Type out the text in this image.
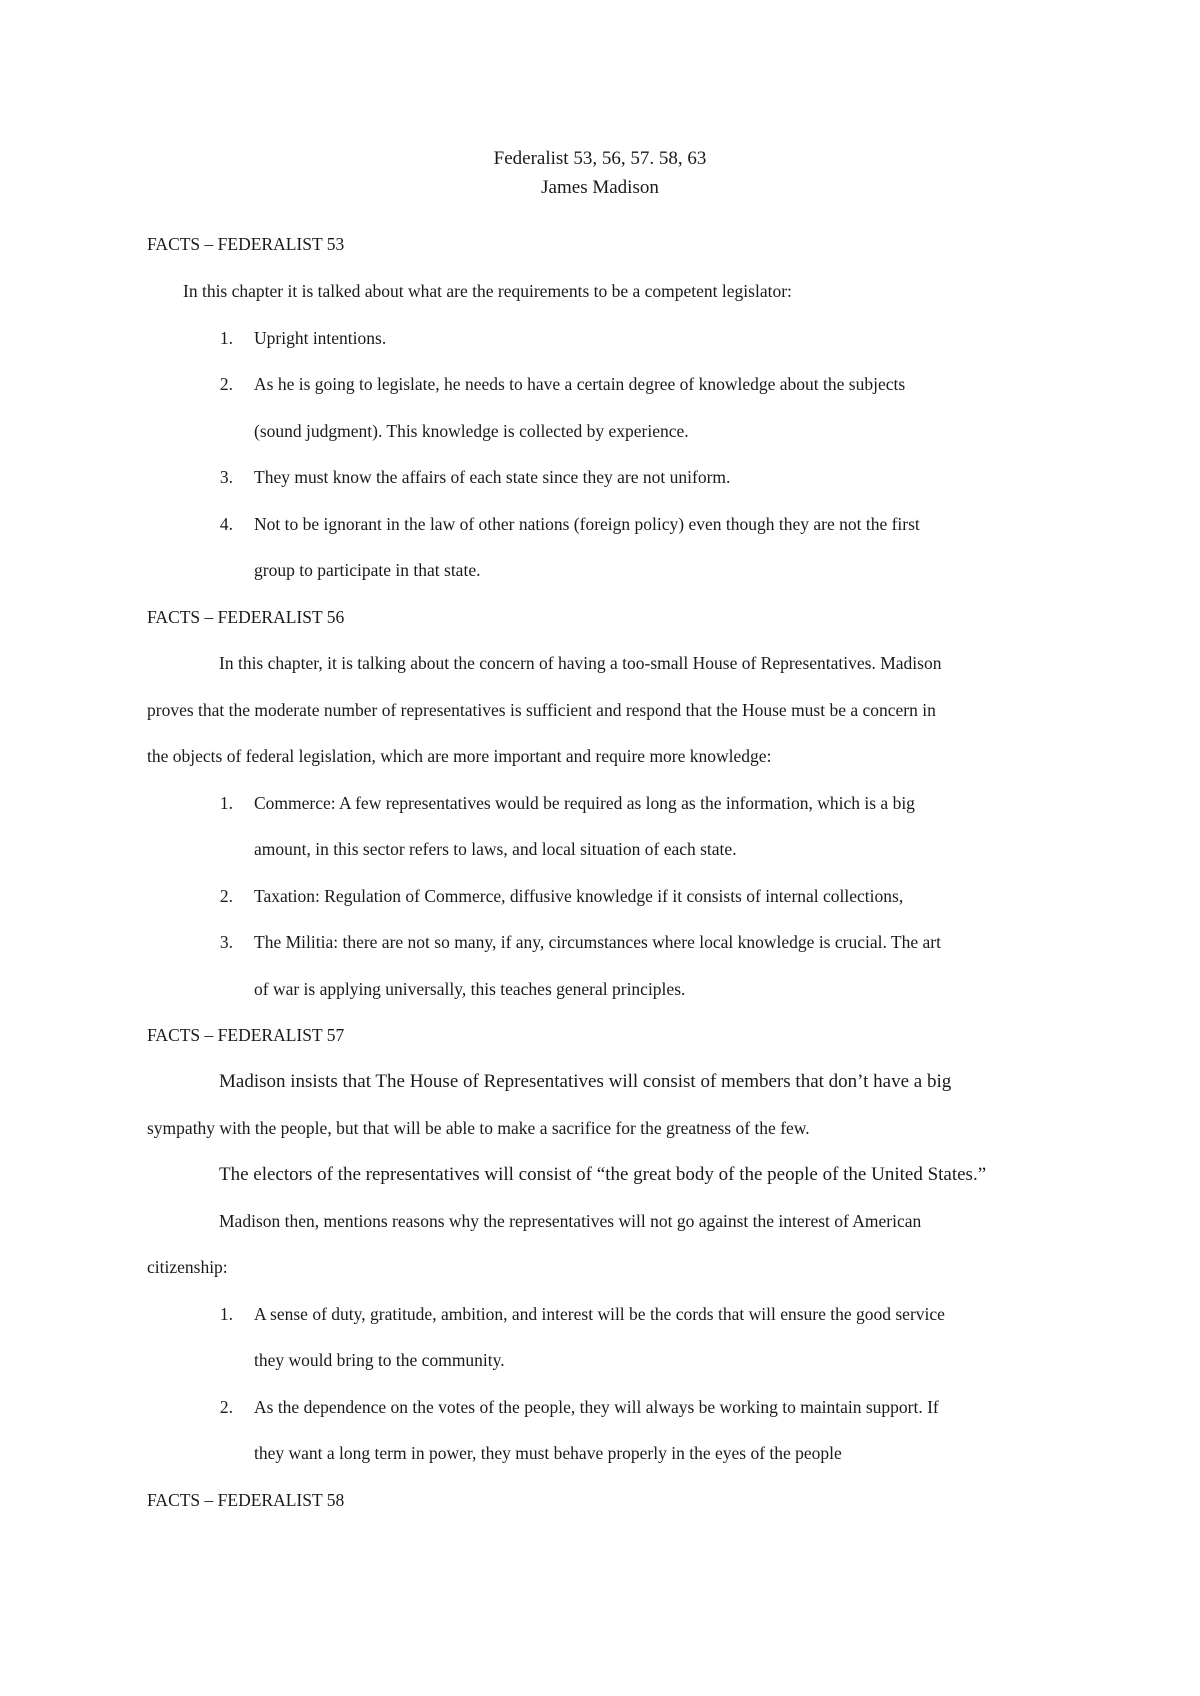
Federalist 53, 56, 57. 58, 63
James Madison
FACTS – FEDERALIST 53
In this chapter it is talked about what are the requirements to be a competent legislator:
1. Upright intentions.
2. As he is going to legislate, he needs to have a certain degree of knowledge about the subjects
(sound judgment). This knowledge is collected by experience.
3. They must know the affairs of each state since they are not uniform.
4. Not to be ignorant in the law of other nations (foreign policy) even though they are not the first
group to participate in that state.
FACTS – FEDERALIST 56
In this chapter, it is talking about the concern of having a too-small House of Representatives. Madison
proves that the moderate number of representatives is sufficient and respond that the House must be a concern in
the objects of federal legislation, which are more important and require more knowledge:
1. Commerce: A few representatives would be required as long as the information, which is a big
amount, in this sector refers to laws, and local situation of each state.
2. Taxation: Regulation of Commerce, diffusive knowledge if it consists of internal collections,
3. The Militia: there are not so many, if any, circumstances where local knowledge is crucial. The art
of war is applying universally, this teaches general principles.
FACTS – FEDERALIST 57
Madison insists that The House of Representatives will consist of members that don’t have a big
sympathy with the people, but that will be able to make a sacrifice for the greatness of the few.
The electors of the representatives will consist of “the great body of the people of the United States.”
Madison then, mentions reasons why the representatives will not go against the interest of American
citizenship:
1. A sense of duty, gratitude, ambition, and interest will be the cords that will ensure the good service
they would bring to the community.
2. As the dependence on the votes of the people, they will always be working to maintain support. If
they want a long term in power, they must behave properly in the eyes of the people
FACTS – FEDERALIST 58
